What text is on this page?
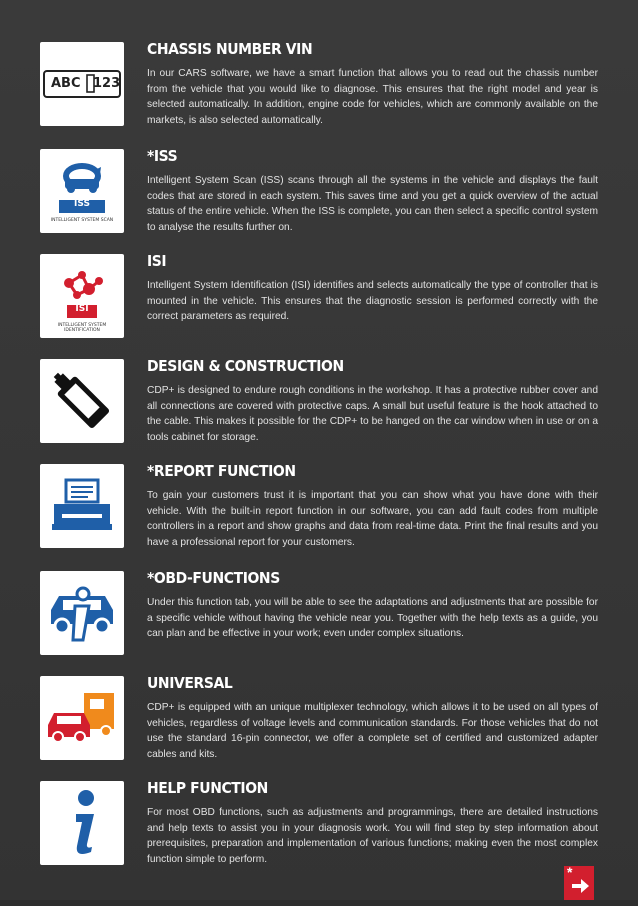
ABC 123
CHASSIS NUMBER VIN

In our CARS software, we have a smart function that allows you to read out the chassis number from the vehicle that you would like to diagnose. This ensures that the right model and year is selected automatically. In addition, engine code for vehicles, which are commonly available on the markets, is also selected automatically.

ISS
INTELLIGENT SYSTEM SCAN
*ISS

Intelligent System Scan (ISS) scans through all the systems in the vehicle and displays the fault codes that are stored in each system. This saves time and you get a quick overview of the actual status of the entire vehicle. When the ISS is complete, you can then select a specific control system to analyse the results further on.

ISI
INTELLIGENT SYSTEM IDENTIFICATION
ISI

Intelligent System Identification (ISI) identifies and selects automatically the type of controller that is mounted in the vehicle. This ensures that the diagnostic session is performed correctly with the correct parameters as required.

DESIGN & CONSTRUCTION

CDP+ is designed to endure rough conditions in the workshop. It has a protective rubber cover and all connections are covered with protective caps. A small but useful feature is the hook attached to the cable. This makes it possible for the CDP+ to be hanged on the car window when in use or on a tools cabinet for storage.

*REPORT FUNCTION

To gain your customers trust it is important that you can show what you have done with their vehicle. With the built-in report function in our software, you can add fault codes from multiple controllers in a report and show graphs and data from real-time data. Print the final results and you have a professional report for your customers.

*OBD-FUNCTIONS

Under this function tab, you will be able to see the adaptations and adjustments that are possible for a specific vehicle without having the vehicle near you. Together with the help texts as a guide, you can plan and be effective in your work; even under complex situations.

UNIVERSAL

CDP+ is equipped with an unique multiplexer technology, which allows it to be used on all types of vehicles, regardless of voltage levels and communication standards. For those vehicles that do not use the standard 16-pin connector, we offer a complete set of certified and customized adapter cables and kits.

HELP FUNCTION

For most OBD functions, such as adjustments and programmings, there are detailed instructions and help texts to assist you in your diagnosis work. You will find step by step information about prerequisites, preparation and implementation of various functions; making even the most complex function simple to perform.

*
